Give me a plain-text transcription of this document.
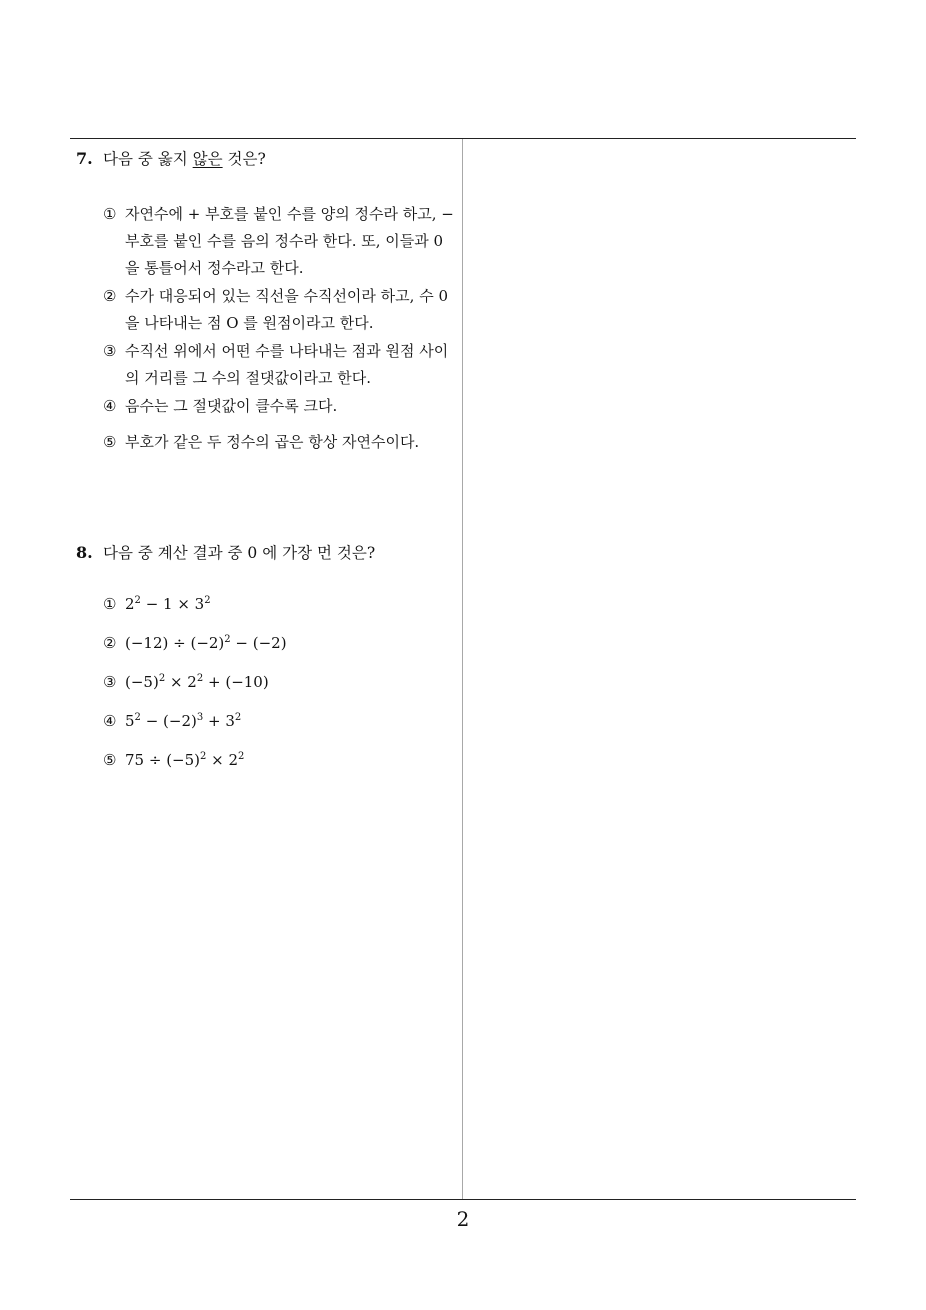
7. 다음 중 옳지 않은 것은?
① 자연수에 + 부호를 붙인 수를 양의 정수라 하고, − 부호를 붙인 수를 음의 정수라 한다. 또, 이들과 0 을 통틀어서 정수라고 한다.
② 수가 대응되어 있는 직선을 수직선이라 하고, 수 0 을 나타내는 점 O 를 원점이라고 한다.
③ 수직선 위에서 어떤 수를 나타내는 점과 원점 사이의 거리를 그 수의 절댓값이라고 한다.
④ 음수는 그 절댓값이 클수록 크다.
⑤ 부호가 같은 두 정수의 곱은 항상 자연수이다.
8. 다음 중 계산 결과 중 0 에 가장 먼 것은?
① $2^2 - 1 \times 3^2$
② $(-12) \div (-2)^2 - (-2)$
③ $(-5)^2 \times 2^2 + (-10)$
④ $5^2 - (-2)^3 + 3^2$
⑤ $75 \div (-5)^2 \times 2^2$
2
